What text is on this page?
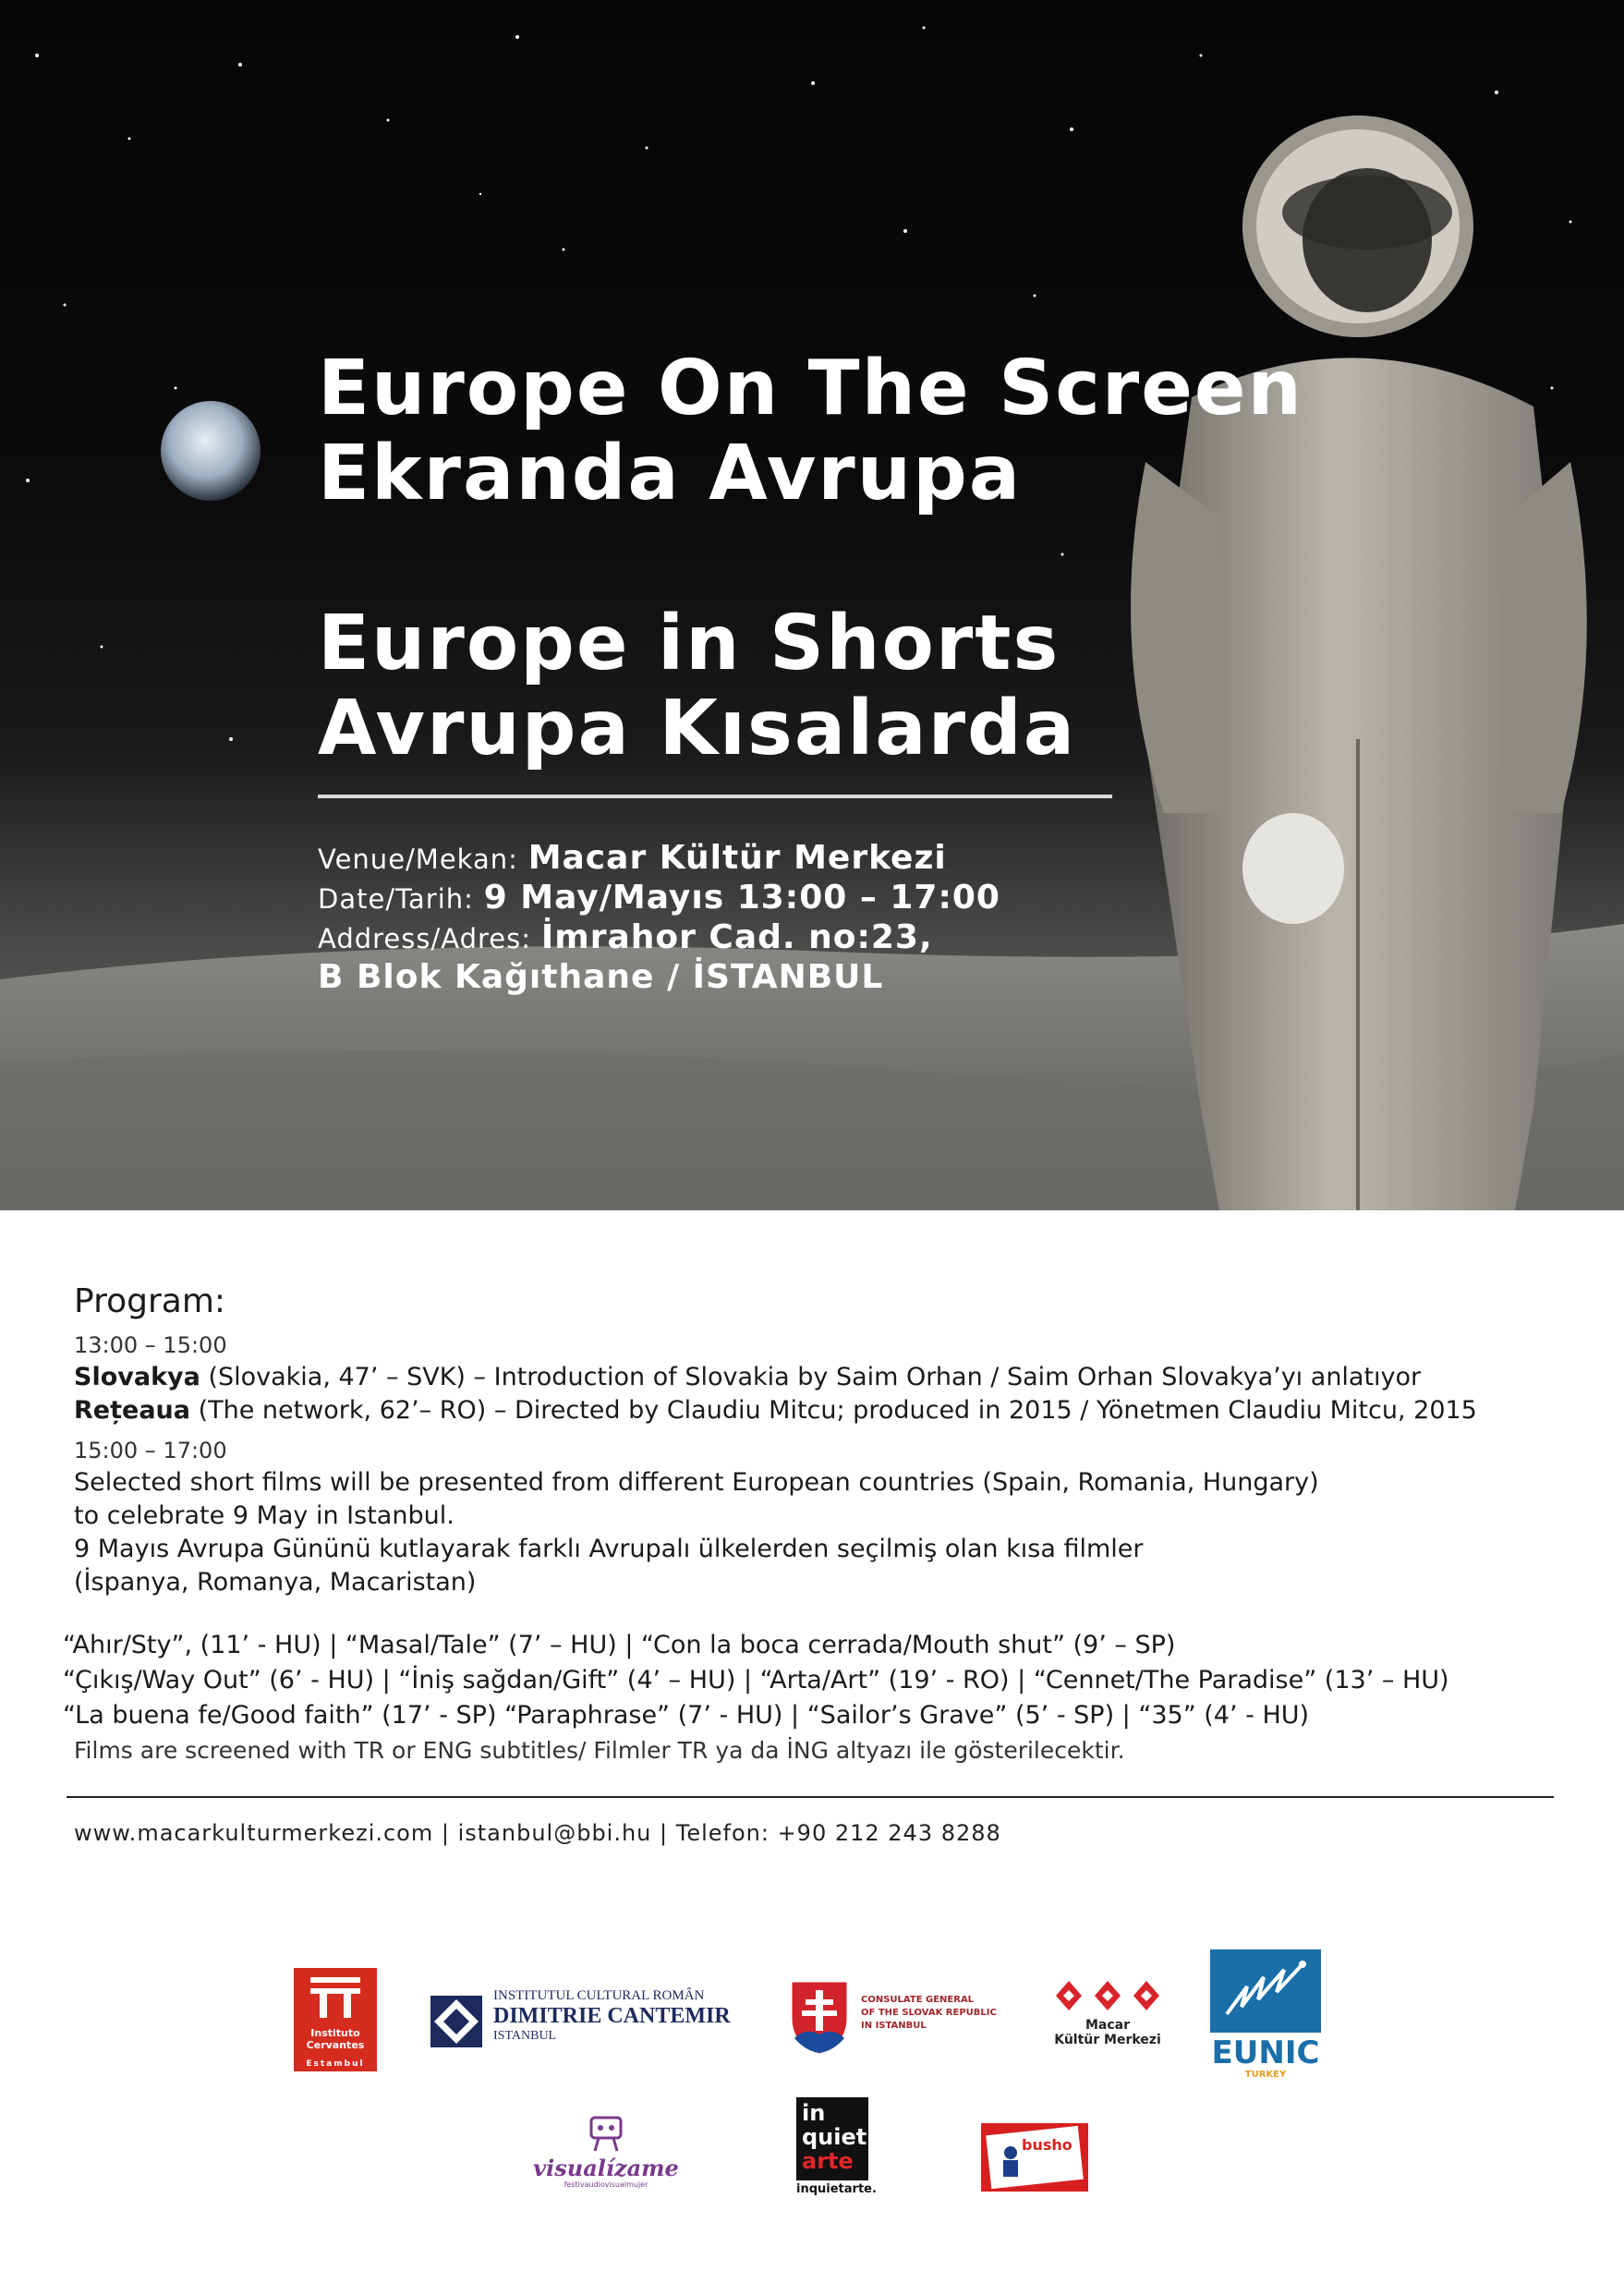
Europe On The Screen
Ekranda Avrupa
Europe in Shorts
Avrupa Kısalarda
Venue/Mekan: Macar Kültür Merkezi
Date/Tarih: 9 May/Mayıs 13:00 – 17:00
Address/Adres: İmrahor Cad. no:23,
B Blok Kağıthane / İSTANBUL

Program:

13:00 – 15:00

Slovakya (Slovakia, 47’ – SVK) – Introduction of Slovakia by Saim Orhan / Saim Orhan Slovakya’yı anlatıyor

Rețeaua (The network, 62’– RO) – Directed by Claudiu Mitcu; produced in 2015 / Yönetmen Claudiu Mitcu, 2015

15:00 – 17:00

Selected short films will be presented from different European countries (Spain, Romania, Hungary)

to celebrate 9 May in Istanbul.

9 Mayıs Avrupa Gününü kutlayarak farklı Avrupalı ülkelerden seçilmiş olan kısa filmler

(İspanya, Romanya, Macaristan)

“Ahır/Sty”, (11’ - HU) | “Masal/Tale” (7’ – HU) | “Con la boca cerrada/Mouth shut” (9’ – SP)

“Çıkış/Way Out” (6’ - HU) | “İniş sağdan/Gift” (4’ – HU) | “Arta/Art” (19’ - RO) | “Cennet/The Paradise” (13’ – HU)

“La buena fe/Good faith” (17’ - SP) “Paraphrase” (7’ - HU) | “Sailor’s Grave” (5’ - SP) | “35” (4’ - HU)

Films are screened with TR or ENG subtitles/ Filmler TR ya da İNG altyazı ile gösterilecektir.

www.macarkulturmerkezi.com | istanbul@bbi.hu | Telefon: +90 212 243 8288
Instituto
Cervantes
Estambul
INSTITUTUL CULTURAL ROMÂN
DIMITRIE CANTEMIR
ISTANBUL
CONSULATE GENERAL
OF THE SLOVAK REPUBLIC
IN ISTANBUL	Macar
Kültür Merkezi EUNIC
TURKEY
visualízame
festivaudiovisualmujer
in
quiet
arte
inquietarte.
busho
